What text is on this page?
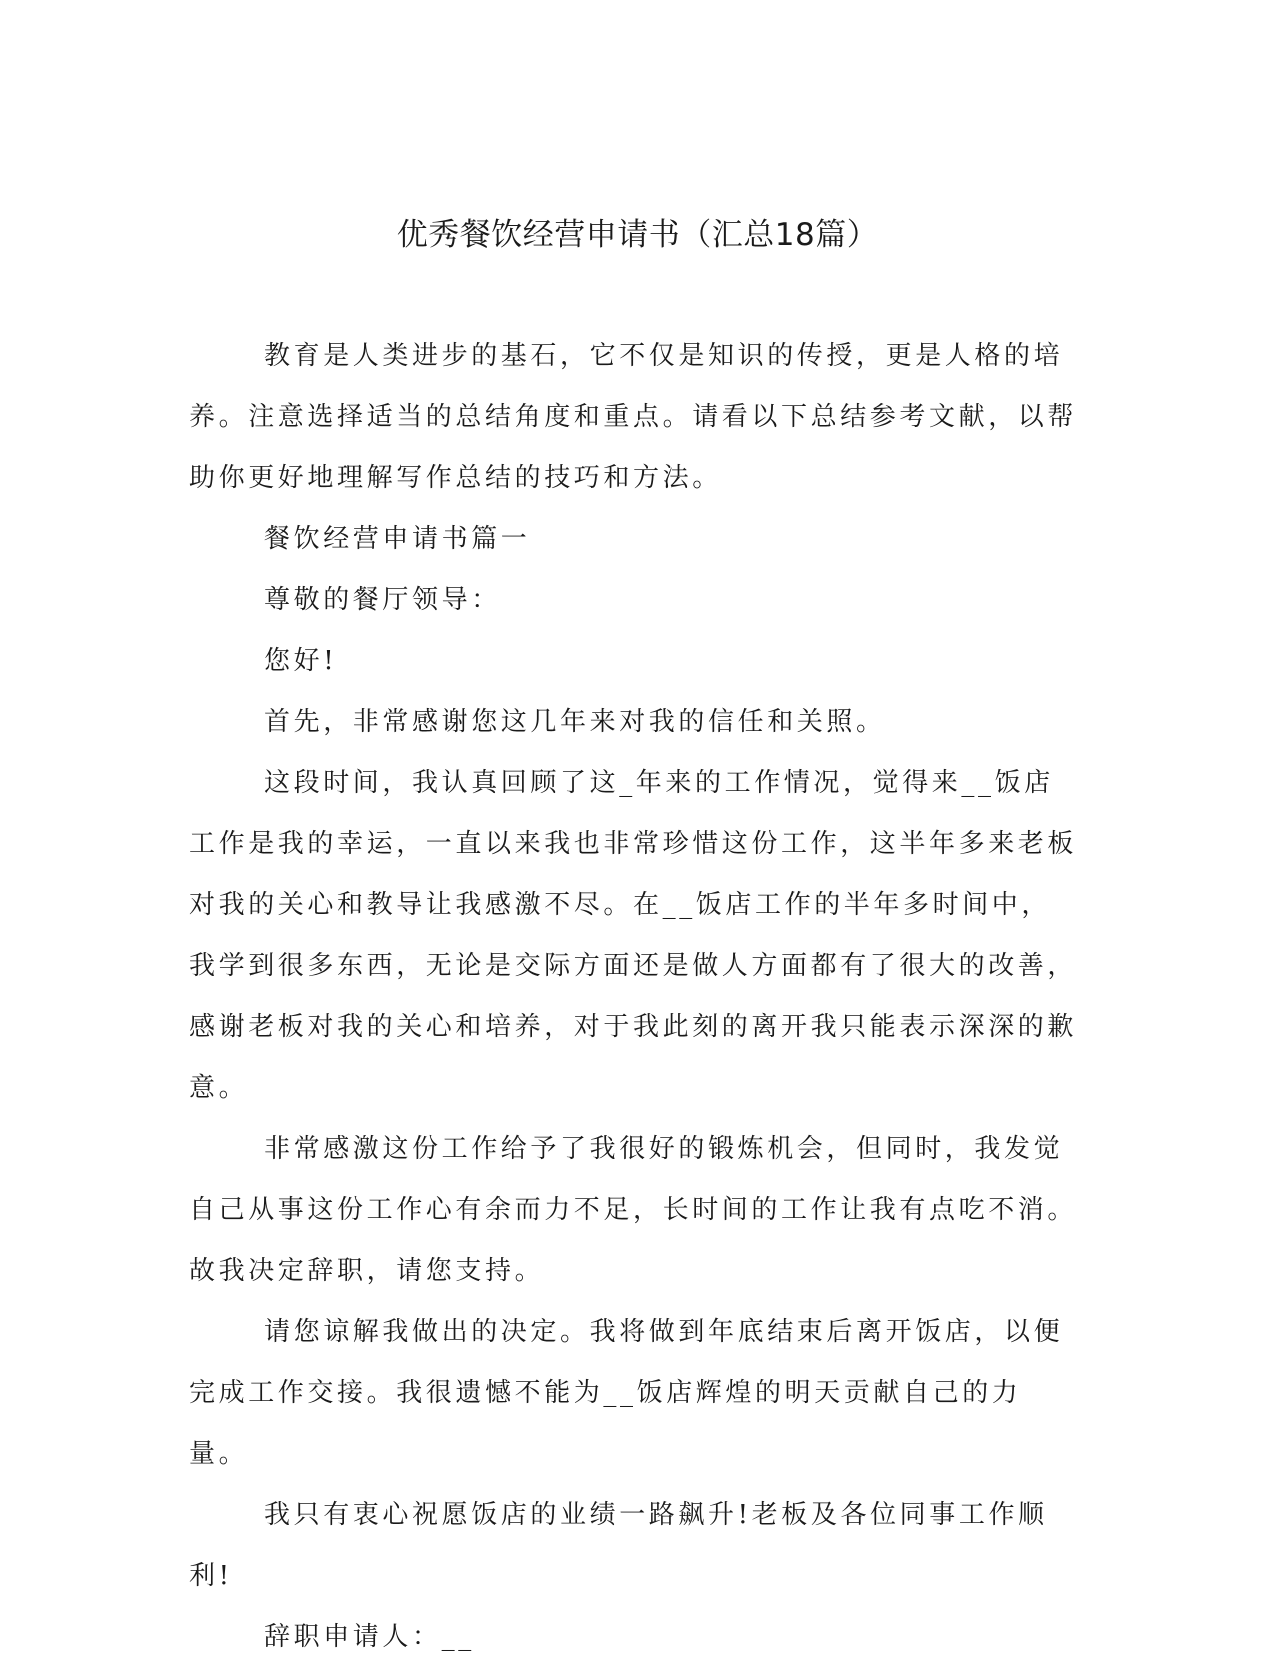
优秀餐饮经营申请书（汇总18篇）

教育是人类进步的基石，它不仅是知识的传授，更是人格的培养。注意选择适当的总结角度和重点。请看以下总结参考文献，以帮助你更好地理解写作总结的技巧和方法。

餐饮经营申请书篇一

尊敬的餐厅领导：

您好!

首先，非常感谢您这几年来对我的信任和关照。

这段时间，我认真回顾了这_年来的工作情况，觉得来__饭店工作是我的幸运，一直以来我也非常珍惜这份工作，这半年多来老板对我的关心和教导让我感激不尽。在__饭店工作的半年多时间中，我学到很多东西，无论是交际方面还是做人方面都有了很大的改善，感谢老板对我的关心和培养，对于我此刻的离开我只能表示深深的歉意。

非常感激这份工作给予了我很好的锻炼机会，但同时，我发觉自己从事这份工作心有余而力不足，长时间的工作让我有点吃不消。故我决定辞职，请您支持。

请您谅解我做出的决定。我将做到年底结束后离开饭店，以便完成工作交接。我很遗憾不能为__饭店辉煌的明天贡献自己的力量。

我只有衷心祝愿饭店的业绩一路飙升!老板及各位同事工作顺利!

辞职申请人：__
